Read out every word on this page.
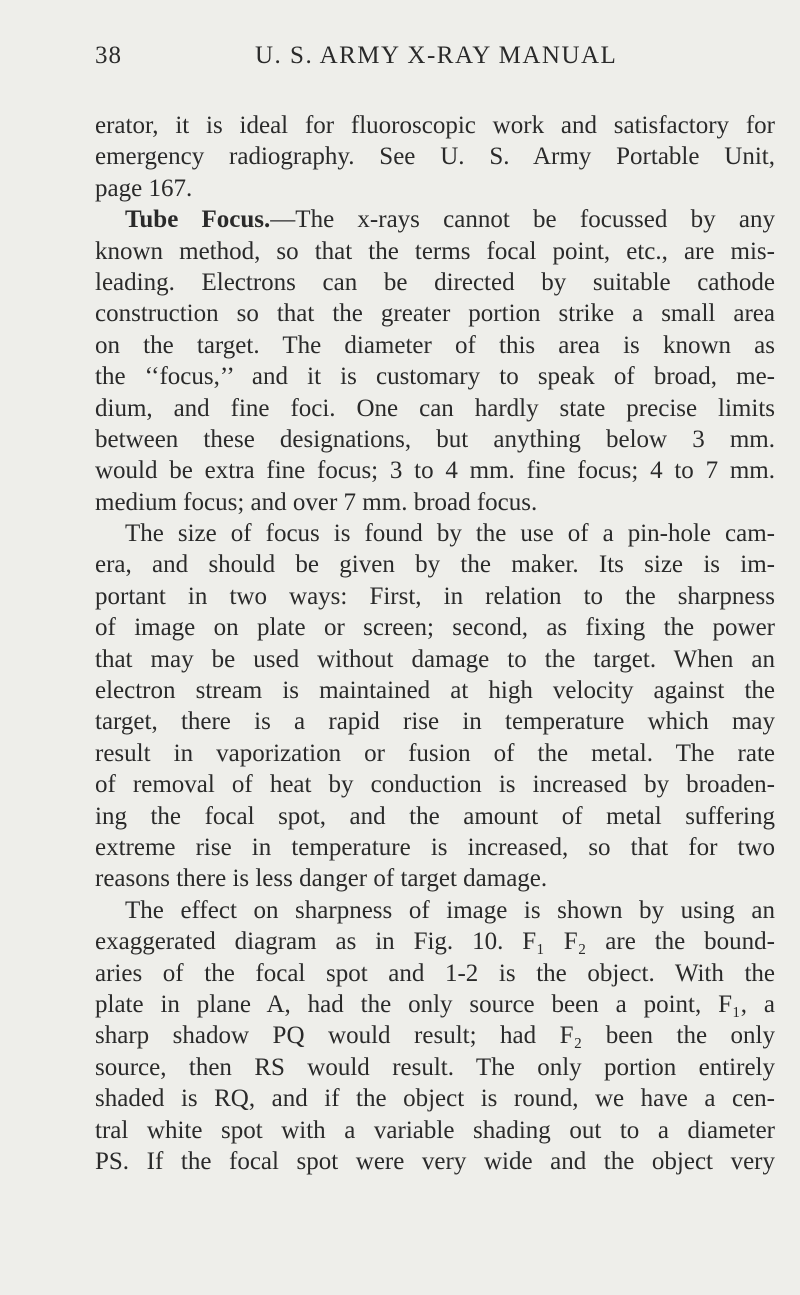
38	U. S. ARMY X-RAY MANUAL
erator, it is ideal for fluoroscopic work and satisfactory for
emergency radiography. See U. S. Army Portable Unit,
page 167.
Tube Focus.—The x-rays cannot be focussed by any
known method, so that the terms focal point, etc., are mis-
leading. Electrons can be directed by suitable cathode
construction so that the greater portion strike a small area
on the target. The diameter of this area is known as
the ‘‘focus,’’ and it is customary to speak of broad, me-
dium, and fine foci. One can hardly state precise limits
between these designations, but anything below 3 mm.
would be extra fine focus; 3 to 4 mm. fine focus; 4 to 7 mm.
medium focus; and over 7 mm. broad focus.
The size of focus is found by the use of a pin-hole cam-
era, and should be given by the maker. Its size is im-
portant in two ways: First, in relation to the sharpness
of image on plate or screen; second, as fixing the power
that may be used without damage to the target. When an
electron stream is maintained at high velocity against the
target, there is a rapid rise in temperature which may
result in vaporization or fusion of the metal. The rate
of removal of heat by conduction is increased by broaden-
ing the focal spot, and the amount of metal suffering
extreme rise in temperature is increased, so that for two
reasons there is less danger of target damage.
The effect on sharpness of image is shown by using an
exaggerated diagram as in Fig. 10. F₁ F₂ are the bound-
aries of the focal spot and 1-2 is the object. With the
plate in plane A, had the only source been a point, F₁, a
sharp shadow PQ would result; had F₂ been the only
source, then RS would result. The only portion entirely
shaded is RQ, and if the object is round, we have a cen-
tral white spot with a variable shading out to a diameter
PS. If the focal spot were very wide and the object very
